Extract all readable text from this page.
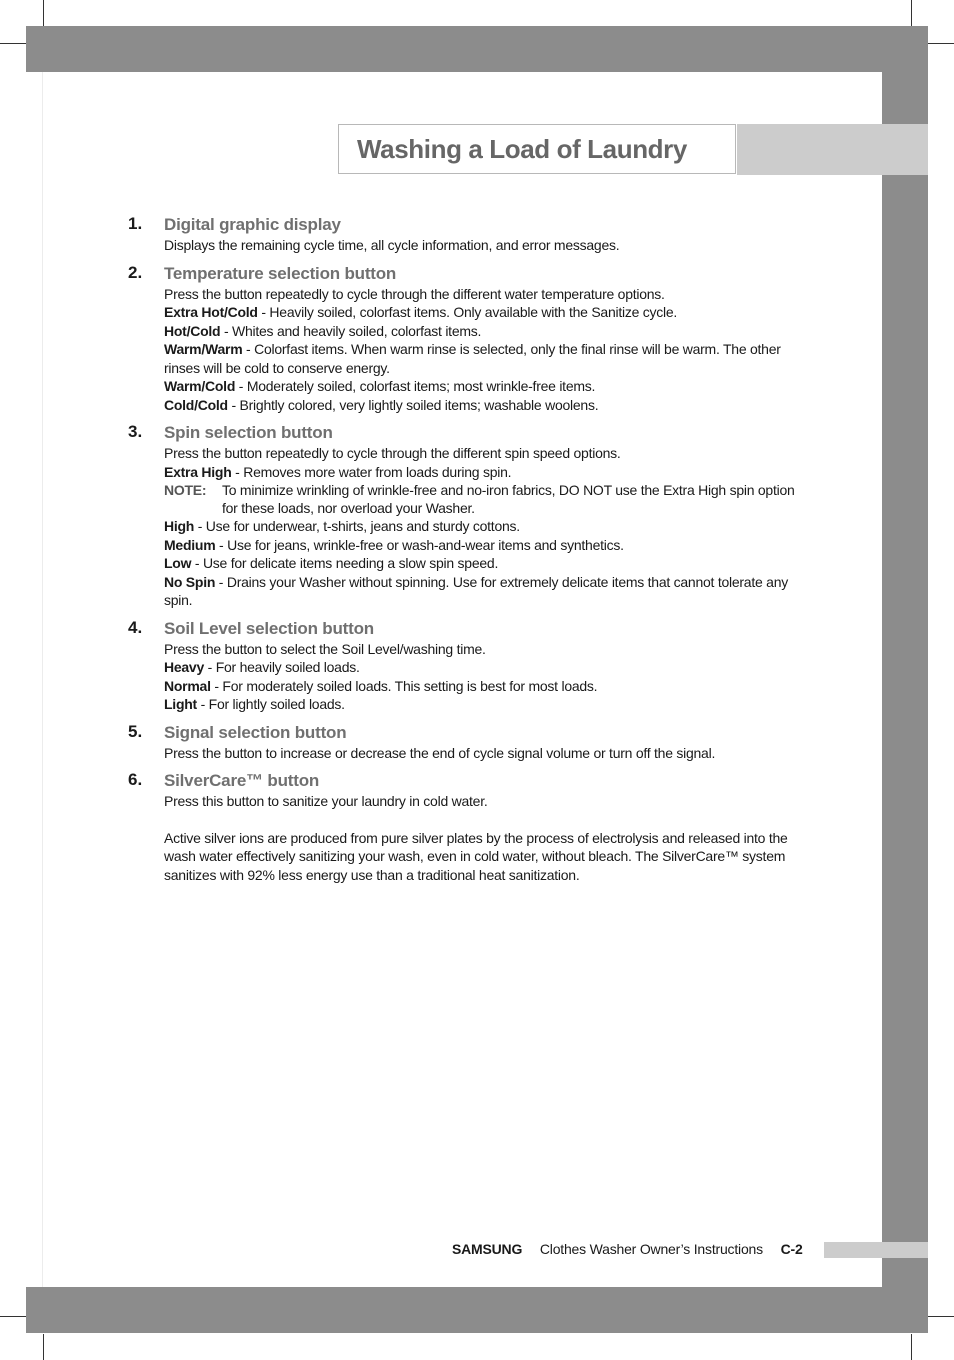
Washing a Load of Laundry
1. Digital graphic display
Displays the remaining cycle time, all cycle information, and error messages.
2. Temperature selection button
Press the button repeatedly to cycle through the different water temperature options.
Extra Hot/Cold - Heavily soiled, colorfast items. Only available with the Sanitize cycle.
Hot/Cold - Whites and heavily soiled, colorfast items.
Warm/Warm - Colorfast items. When warm rinse is selected, only the final rinse will be warm. The other rinses will be cold to conserve energy.
Warm/Cold - Moderately soiled, colorfast items; most wrinkle-free items.
Cold/Cold - Brightly colored, very lightly soiled items; washable woolens.
3. Spin selection button
Press the button repeatedly to cycle through the different spin speed options.
Extra High - Removes more water from loads during spin.
NOTE: To minimize wrinkling of wrinkle-free and no-iron fabrics, DO NOT use the Extra High spin option for these loads, nor overload your Washer.
High - Use for underwear, t-shirts, jeans and sturdy cottons.
Medium - Use for jeans, wrinkle-free or wash-and-wear items and synthetics.
Low - Use for delicate items needing a slow spin speed.
No Spin - Drains your Washer without spinning. Use for extremely delicate items that cannot tolerate any spin.
4. Soil Level selection button
Press the button to select the Soil Level/washing time.
Heavy - For heavily soiled loads.
Normal - For moderately soiled loads. This setting is best for most loads.
Light - For lightly soiled loads.
5. Signal selection button
Press the button to increase or decrease the end of cycle signal volume or turn off the signal.
6. SilverCare™ button
Press this button to sanitize your laundry in cold water.
Active silver ions are produced from pure silver plates by the process of electrolysis and released into the wash water effectively sanitizing your wash, even in cold water, without bleach. The SilverCare™ system sanitizes with 92% less energy use than a traditional heat sanitization.
SAMSUNG Clothes Washer Owner’s Instructions C-2
